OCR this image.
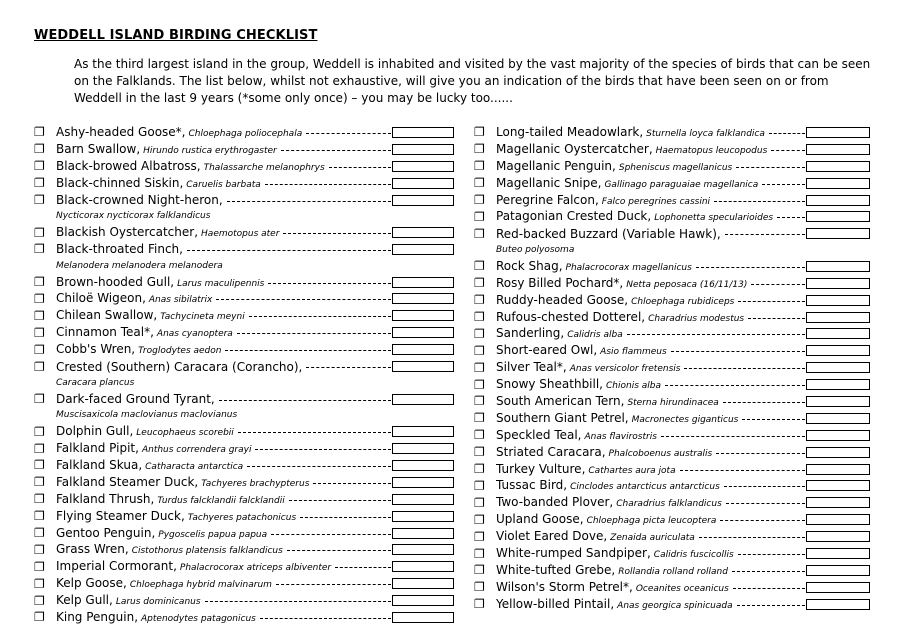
WEDDELL ISLAND BIRDING CHECKLIST
As the third largest island in the group, Weddell is inhabited and visited by the vast majority of the species of birds that can be seen on the Falklands. The list below, whilst not exhaustive, will give you an indication of the birds that have been seen on or from Weddell in the last 9 years (*some only once) – you may be lucky too......
❐ Ashy-headed Goose*, Chloephaga poliocephala
❐ Barn Swallow, Hirundo rustica erythrogaster
❐ Black-browed Albatross, Thalassarche melanophrys
❐ Black-chinned Siskin, Caruelis barbata
❐ Black-crowned Night-heron,
Nycticorax nycticorax falklandicus
❐ Blackish Oystercatcher, Haemotopus ater
❐ Black-throated Finch,
Melanodera melanodera melanodera
❐ Brown-hooded Gull, Larus maculipennis
❐ Chiloë Wigeon, Anas sibilatrix
❐ Chilean Swallow, Tachycineta meyni
❐ Cinnamon Teal*, Anas cyanoptera
❐ Cobb's Wren, Troglodytes aedon
❐ Crested (Southern) Caracara (Corancho),
Caracara plancus
❐ Dark-faced Ground Tyrant,
Muscisaxicola maclovianus maclovianus
❐ Dolphin Gull, Leucophaeus scorebii
❐ Falkland Pipit, Anthus correndera grayi
❐ Falkland Skua, Catharacta antarctica
❐ Falkland Steamer Duck, Tachyeres brachypterus
❐ Falkland Thrush, Turdus falcklandii falcklandii
❐ Flying Steamer Duck, Tachyeres patachonicus
❐ Gentoo Penguin, Pygoscelis papua papua
❐ Grass Wren, Cistothorus platensis falklandicus
❐ Imperial Cormorant, Phalacrocorax atriceps albiventer
❐ Kelp Goose, Chloephaga hybrid malvinarum
❐ Kelp Gull, Larus dominicanus
❐ King Penguin, Aptenodytes patagonicus
❐ Long-tailed Meadowlark, Sturnella loyca falklandica
❐ Magellanic Oystercatcher, Haematopus leucopodus
❐ Magellanic Penguin, Spheniscus magellanicus
❐ Magellanic Snipe, Gallinago paraguaiae magellanica
❐ Peregrine Falcon, Falco peregrines cassini
❐ Patagonian Crested Duck, Lophonetta specularioides
❐ Red-backed Buzzard (Variable Hawk),
Buteo polyosoma
❐ Rock Shag, Phalacrocorax magellanicus
❐ Rosy Billed Pochard*, Netta peposaca (16/11/13)
❐ Ruddy-headed Goose, Chloephaga rubidiceps
❐ Rufous-chested Dotterel, Charadrius modestus
❐ Sanderling, Calidris alba
❐ Short-eared Owl, Asio flammeus
❐ Silver Teal*, Anas versicolor fretensis
❐ Snowy Sheathbill, Chionis alba
❐ South American Tern, Sterna hirundinacea
❐ Southern Giant Petrel, Macronectes giganticus
❐ Speckled Teal, Anas flavirostris
❐ Striated Caracara, Phalcoboenus australis
❐ Turkey Vulture, Cathartes aura jota
❐ Tussac Bird, Cinclodes antarcticus antarcticus
❐ Two-banded Plover, Charadrius falklandicus
❐ Upland Goose, Chloephaga picta leucoptera
❐ Violet Eared Dove, Zenaida auriculata
❐ White-rumped Sandpiper, Calidris fuscicollis
❐ White-tufted Grebe, Rollandia rolland rolland
❐ Wilson's Storm Petrel*, Oceanites oceanicus
❐ Yellow-billed Pintail, Anas georgica spinicuada
